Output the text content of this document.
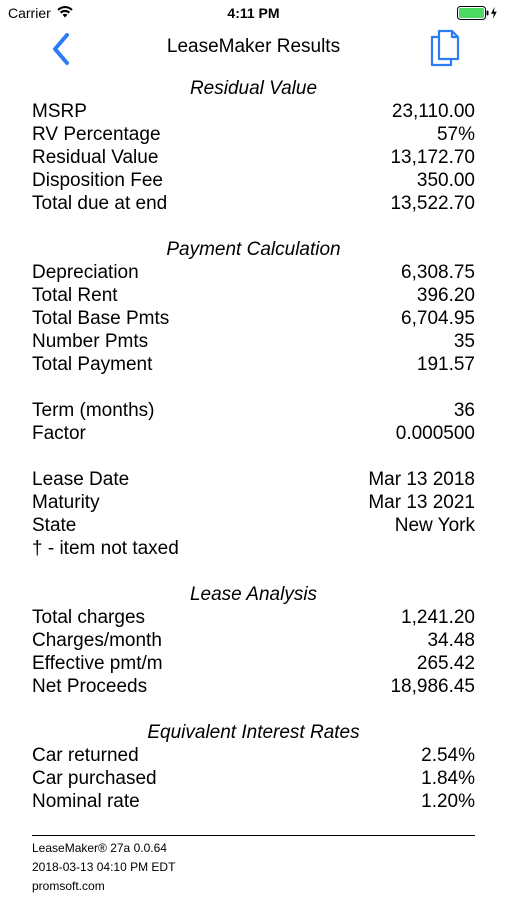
Carrier	4:11 PM
LeaseMaker Results
Residual Value
MSRP	23,110.00
RV Percentage	57%
Residual Value	13,172.70
Disposition Fee	350.00
Total due at end	13,522.70
Payment Calculation
Depreciation	6,308.75
Total Rent	396.20
Total Base Pmts	6,704.95
Number Pmts	35
Total Payment	191.57
Term (months)	36
Factor	0.000500
Lease Date	Mar 13 2018
Maturity	Mar 13 2021
State	New York
† - item not taxed
Lease Analysis
Total charges	1,241.20
Charges/month	34.48
Effective pmt/m	265.42
Net Proceeds	18,986.45
Equivalent Interest Rates
Car returned	2.54%
Car purchased	1.84%
Nominal rate	1.20%
LeaseMaker® 27a 0.0.64
2018-03-13 04:10 PM EDT
promsoft.com
